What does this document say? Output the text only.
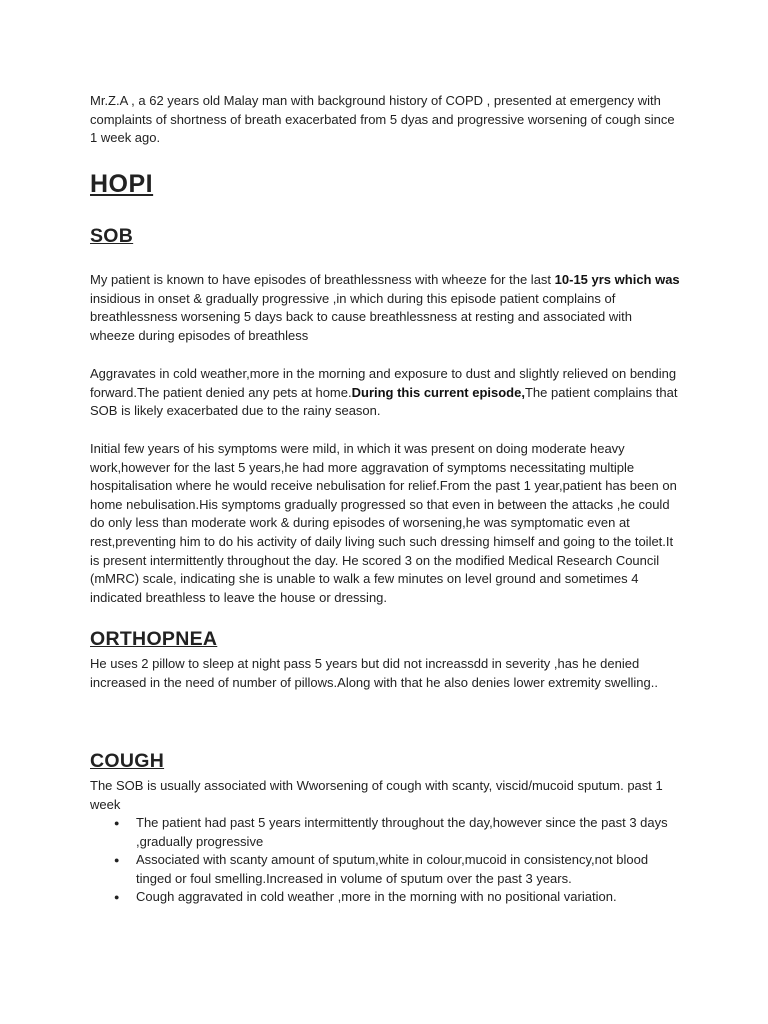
Mr.Z.A , a 62 years old Malay man with background history of COPD , presented at emergency with complaints of shortness of breath exacerbated from 5 dyas and progressive worsening of cough since 1 week ago.

HOPI
SOB

My patient is known to have episodes of breathlessness with wheeze for the last 10-15 yrs which was insidious in onset & gradually progressive ,in which during this episode patient complains of breathlessness worsening 5 days back to cause breathlessness at resting and associated with wheeze during episodes of breathless

Aggravates in cold weather,more in the morning and exposure to dust and slightly relieved on bending forward.The patient denied any pets at home.During this current episode,The patient complains that SOB is likely exacerbated due to the rainy season.

Initial few years of his symptoms were mild, in which it was present on doing moderate heavy work,however for the last 5 years,he had more aggravation of symptoms necessitating multiple hospitalisation where he would receive nebulisation for relief.From the past 1 year,patient has been on home nebulisation.His symptoms gradually progressed so that even in between the attacks ,he could do only less than moderate work & during episodes of worsening,he was symptomatic even at rest,preventing him to do his activity of daily living such such dressing himself and going to the toilet.It is present intermittently throughout the day. He scored 3 on the modified Medical Research Council (mMRC) scale, indicating she is unable to walk a few minutes on level ground and sometimes 4 indicated breathless to leave the house or dressing.

ORTHOPNEA

He uses 2 pillow to sleep at night pass 5 years but did not increassdd in severity ,has he denied increased in the need of number of pillows.Along with that he also denies lower extremity swelling..

COUGH

The SOB is usually associated with Wworsening of cough with scanty, viscid/mucoid sputum. past 1 week

● The patient had past 5 years intermittently throughout the day,however since the past 3 days ,gradually progressive
● Associated with scanty amount of sputum,white in colour,mucoid in consistency,not blood tinged or foul smelling.Increased in volume of sputum over the past 3 years.
● Cough aggravated in cold weather ,more in the morning with no positional variation.
